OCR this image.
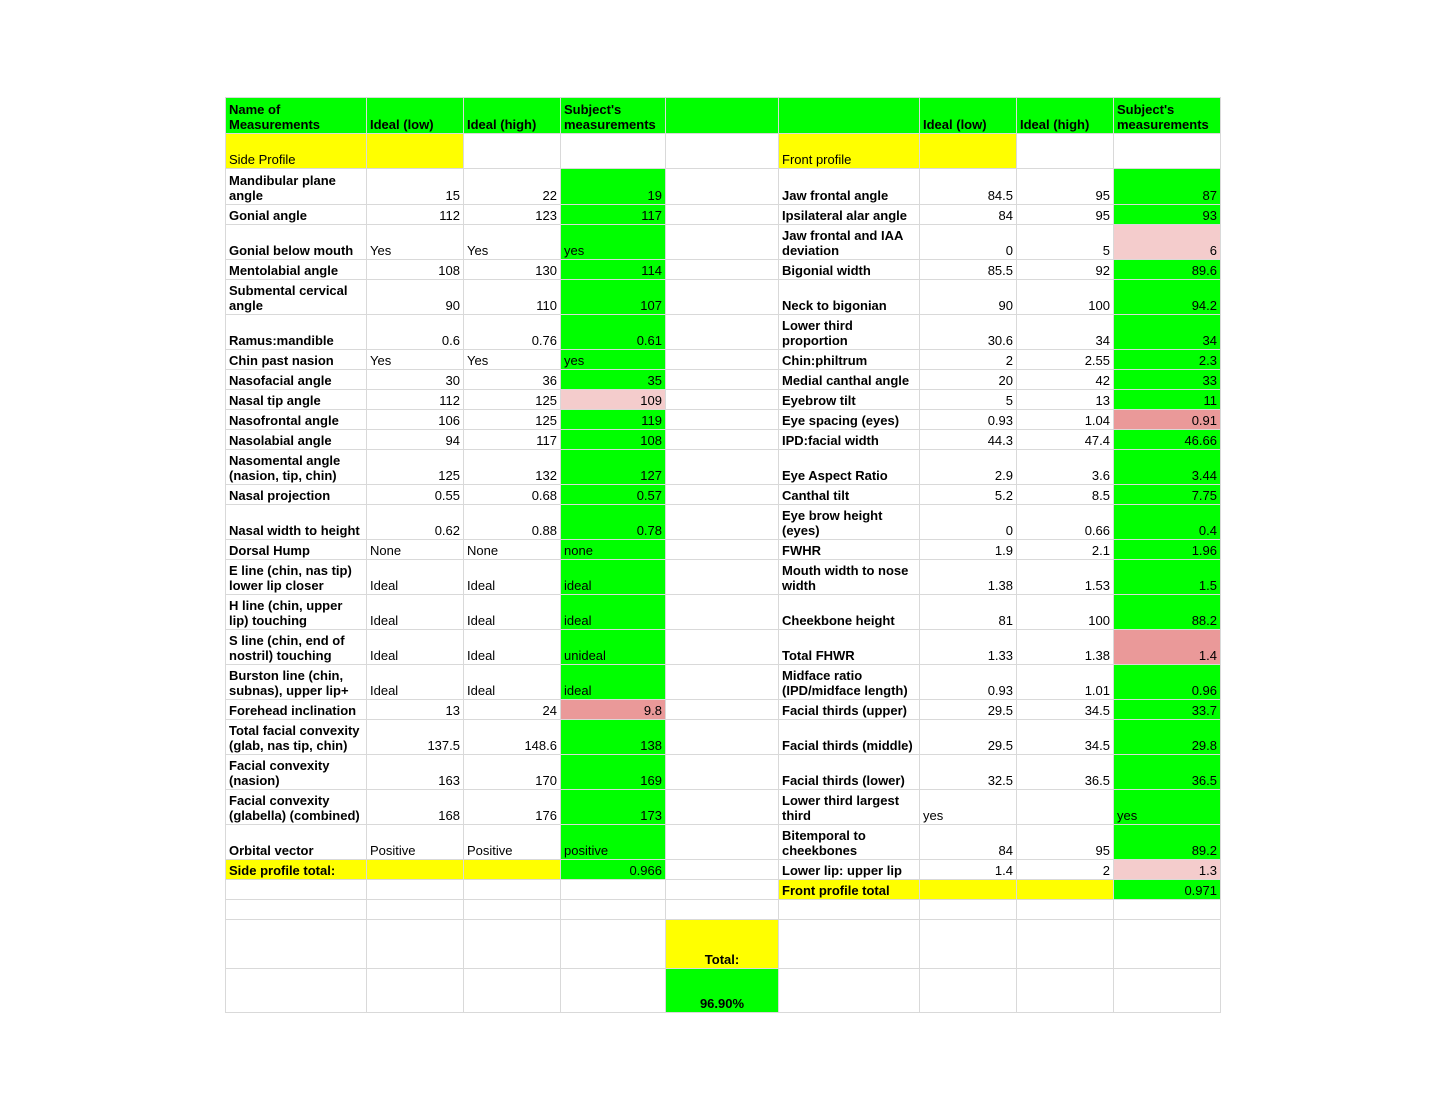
Name of Measurements	Ideal (low)	Ideal (high)	Subject's measurements			Ideal (low)	Ideal (high)	Subject's measurements
Side Profile					Front profile			
Mandibular plane angle	15	22	19		Jaw frontal angle	84.5	95	87
Gonial angle	112	123	117		Ipsilateral alar angle	84	95	93
Gonial below mouth	Yes	Yes	yes		Jaw frontal and IAA deviation	0	5	6
Mentolabial angle	108	130	114		Bigonial width	85.5	92	89.6
Submental cervical angle	90	110	107		Neck to bigonian	90	100	94.2
Ramus:mandible	0.6	0.76	0.61		Lower third proportion	30.6	34	34
Chin past nasion	Yes	Yes	yes		Chin:philtrum	2	2.55	2.3
Nasofacial angle	30	36	35		Medial canthal angle	20	42	33
Nasal tip angle	112	125	109		Eyebrow tilt	5	13	11
Nasofrontal angle	106	125	119		Eye spacing (eyes)	0.93	1.04	0.91
Nasolabial angle	94	117	108		IPD:facial width	44.3	47.4	46.66
Nasomental angle (nasion, tip, chin)	125	132	127		Eye Aspect Ratio	2.9	3.6	3.44
Nasal projection	0.55	0.68	0.57		Canthal tilt	5.2	8.5	7.75
Nasal width to height	0.62	0.88	0.78		Eye brow height (eyes)	0	0.66	0.4
Dorsal Hump	None	None	none		FWHR	1.9	2.1	1.96
E line (chin, nas tip) lower lip closer	Ideal	Ideal	ideal		Mouth width to nose width	1.38	1.53	1.5
H line (chin, upper lip) touching	Ideal	Ideal	ideal		Cheekbone height	81	100	88.2
S line (chin, end of nostril) touching	Ideal	Ideal	unideal		Total FHWR	1.33	1.38	1.4
Burston line (chin, subnas), upper lip+	Ideal	Ideal	ideal		Midface ratio (IPD/midface length)	0.93	1.01	0.96
Forehead inclination	13	24	9.8		Facial thirds (upper)	29.5	34.5	33.7
Total facial convexity (glab, nas tip, chin)	137.5	148.6	138		Facial thirds (middle)	29.5	34.5	29.8
Facial convexity (nasion)	163	170	169		Facial thirds (lower)	32.5	36.5	36.5
Facial convexity (glabella) (combined)	168	176	173		Lower third largest third	yes		yes
Orbital vector	Positive	Positive	positive		Bitemporal to cheekbones	84	95	89.2
Side profile total:			0.966		Lower lip: upper lip	1.4	2	1.3
					Front profile total			0.971

				Total:				
				96.90%				
